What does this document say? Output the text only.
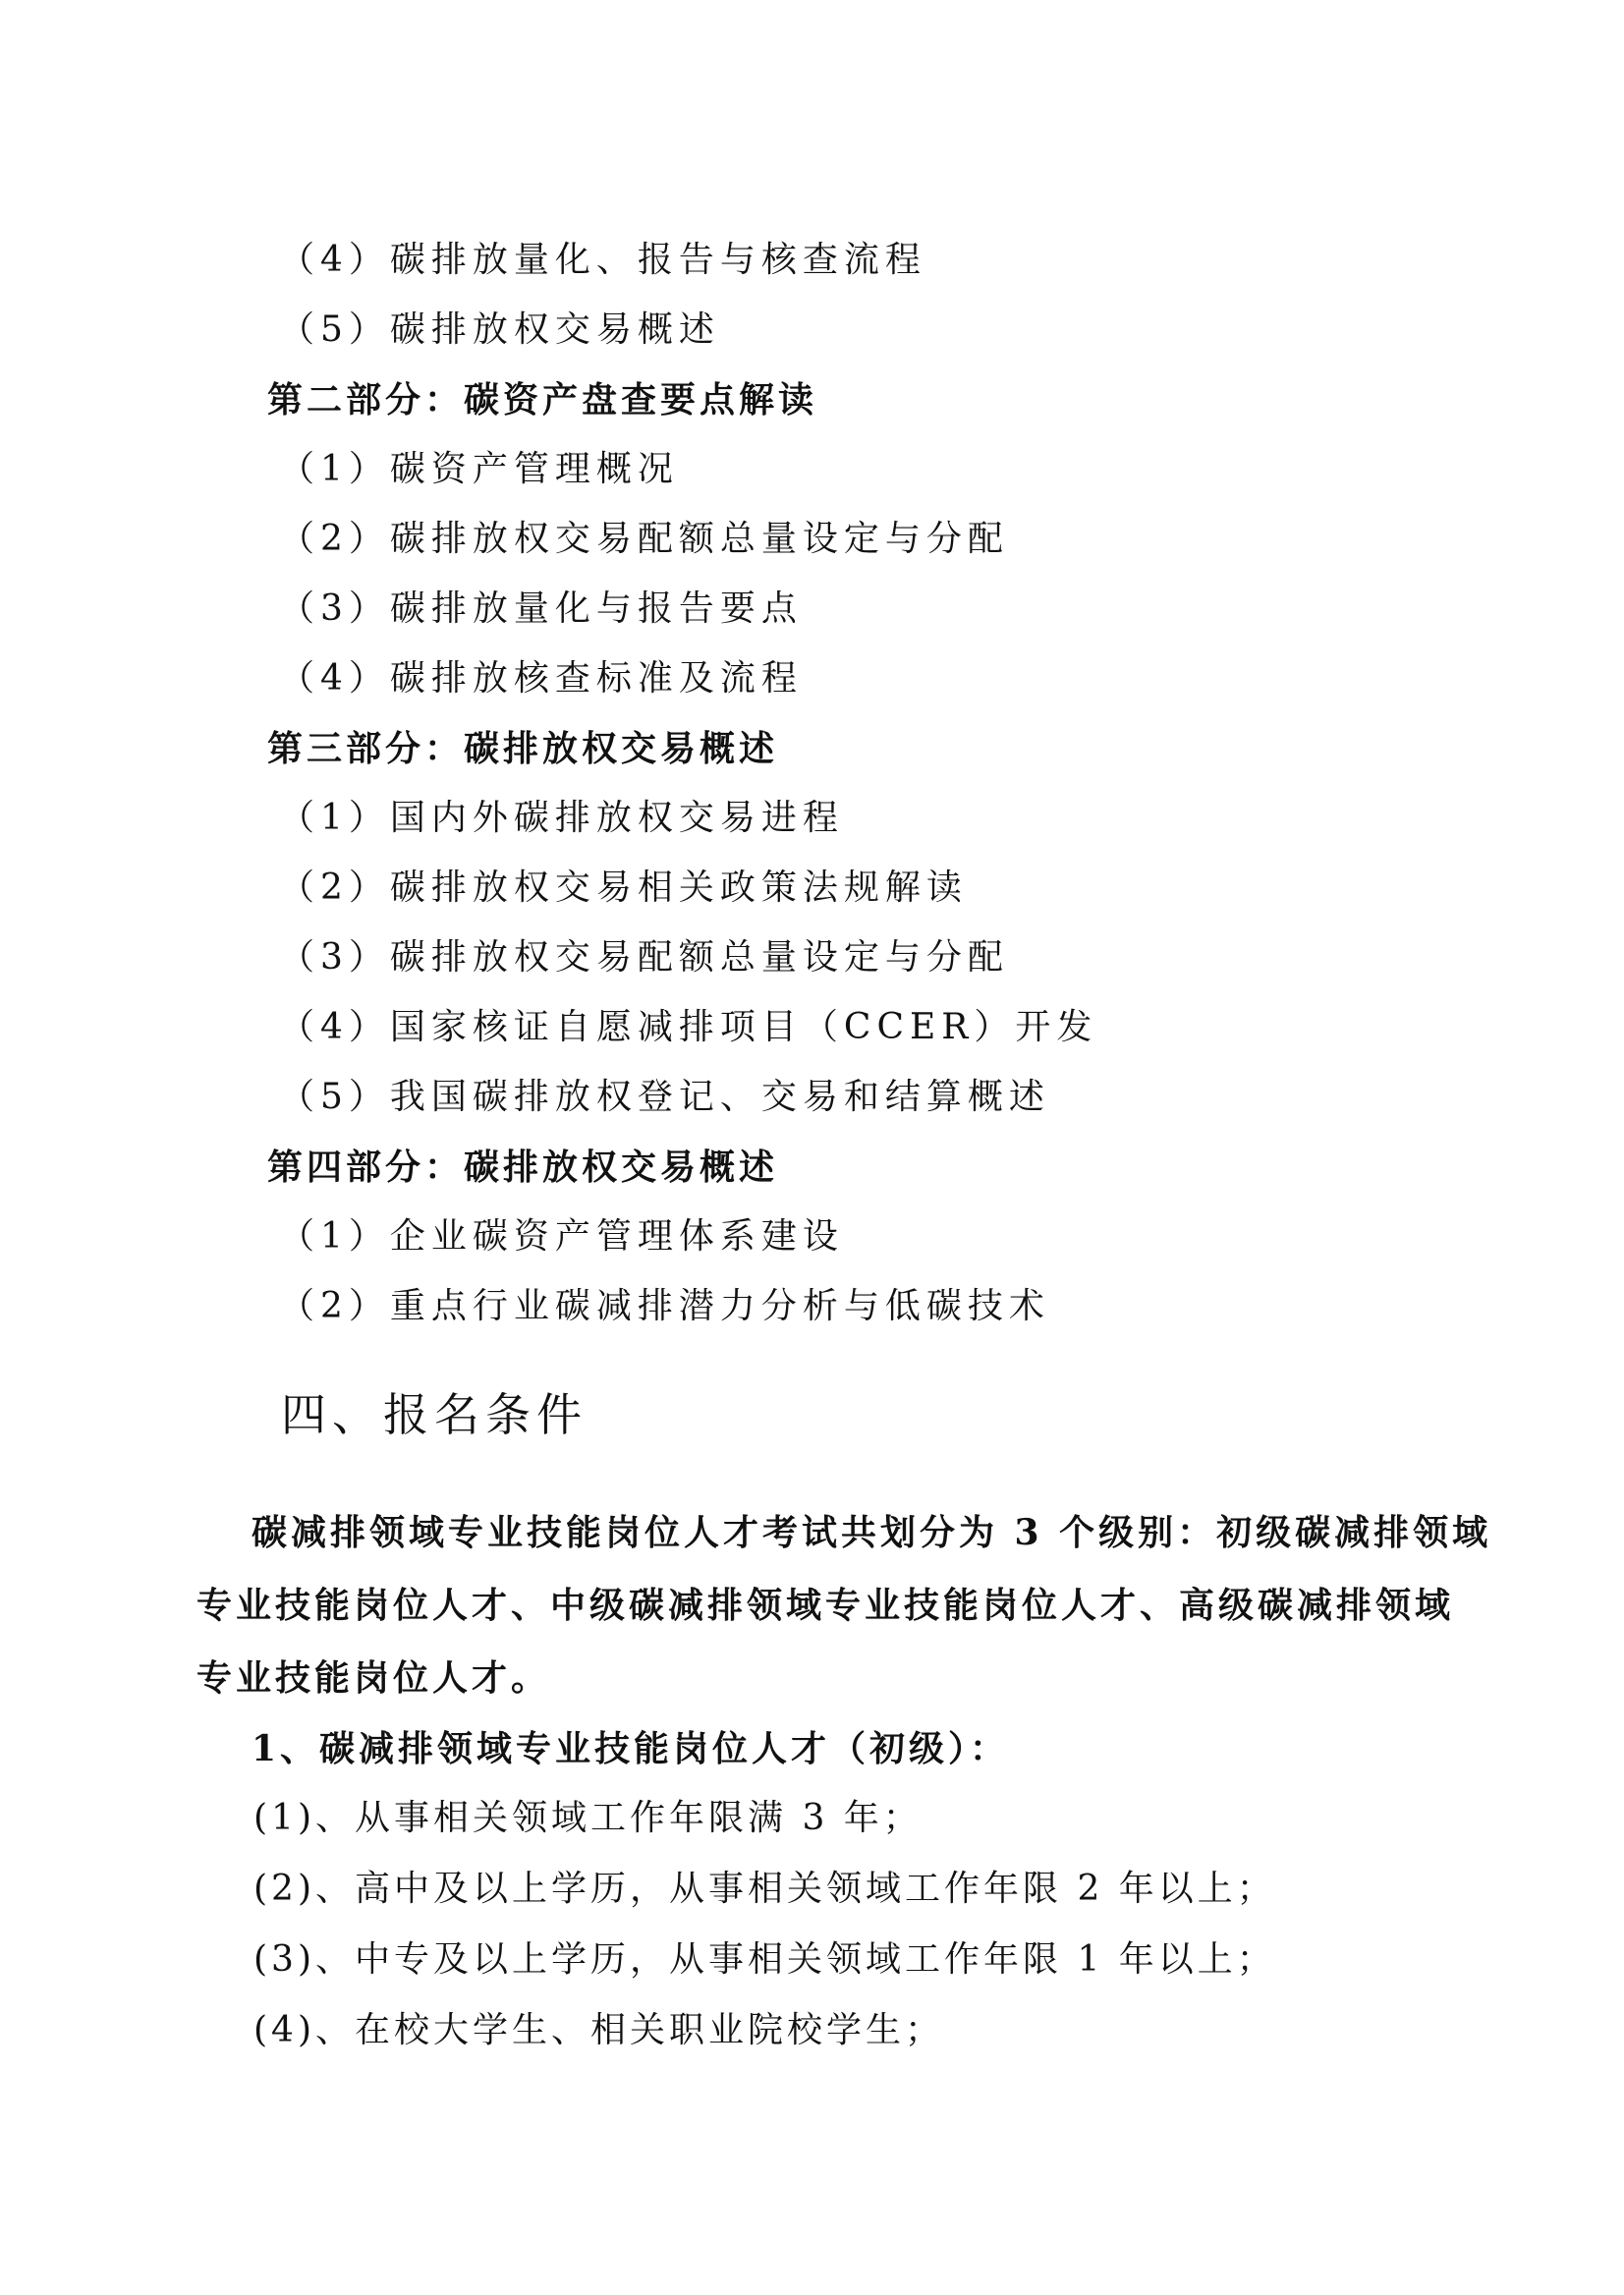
（4）碳排放量化、报告与核查流程
（5）碳排放权交易概述
第二部分：碳资产盘查要点解读
（1）碳资产管理概况
（2）碳排放权交易配额总量设定与分配
（3）碳排放量化与报告要点
（4）碳排放核查标准及流程
第三部分：碳排放权交易概述
（1）国内外碳排放权交易进程
（2）碳排放权交易相关政策法规解读
（3）碳排放权交易配额总量设定与分配
（4）国家核证自愿减排项目（CCER）开发
（5）我国碳排放权登记、交易和结算概述
第四部分：碳排放权交易概述
（1）企业碳资产管理体系建设
（2）重点行业碳减排潜力分析与低碳技术
四、报名条件
碳减排领域专业技能岗位人才考试共划分为 3 个级别：初级碳减排领域
专业技能岗位人才、中级碳减排领域专业技能岗位人才、高级碳减排领域
专业技能岗位人才。
1、碳减排领域专业技能岗位人才（初级）：
(1)、从事相关领域工作年限满 3 年；
(2)、高中及以上学历，从事相关领域工作年限 2 年以上；
(3)、中专及以上学历，从事相关领域工作年限 1 年以上；
(4)、在校大学生、相关职业院校学生；
